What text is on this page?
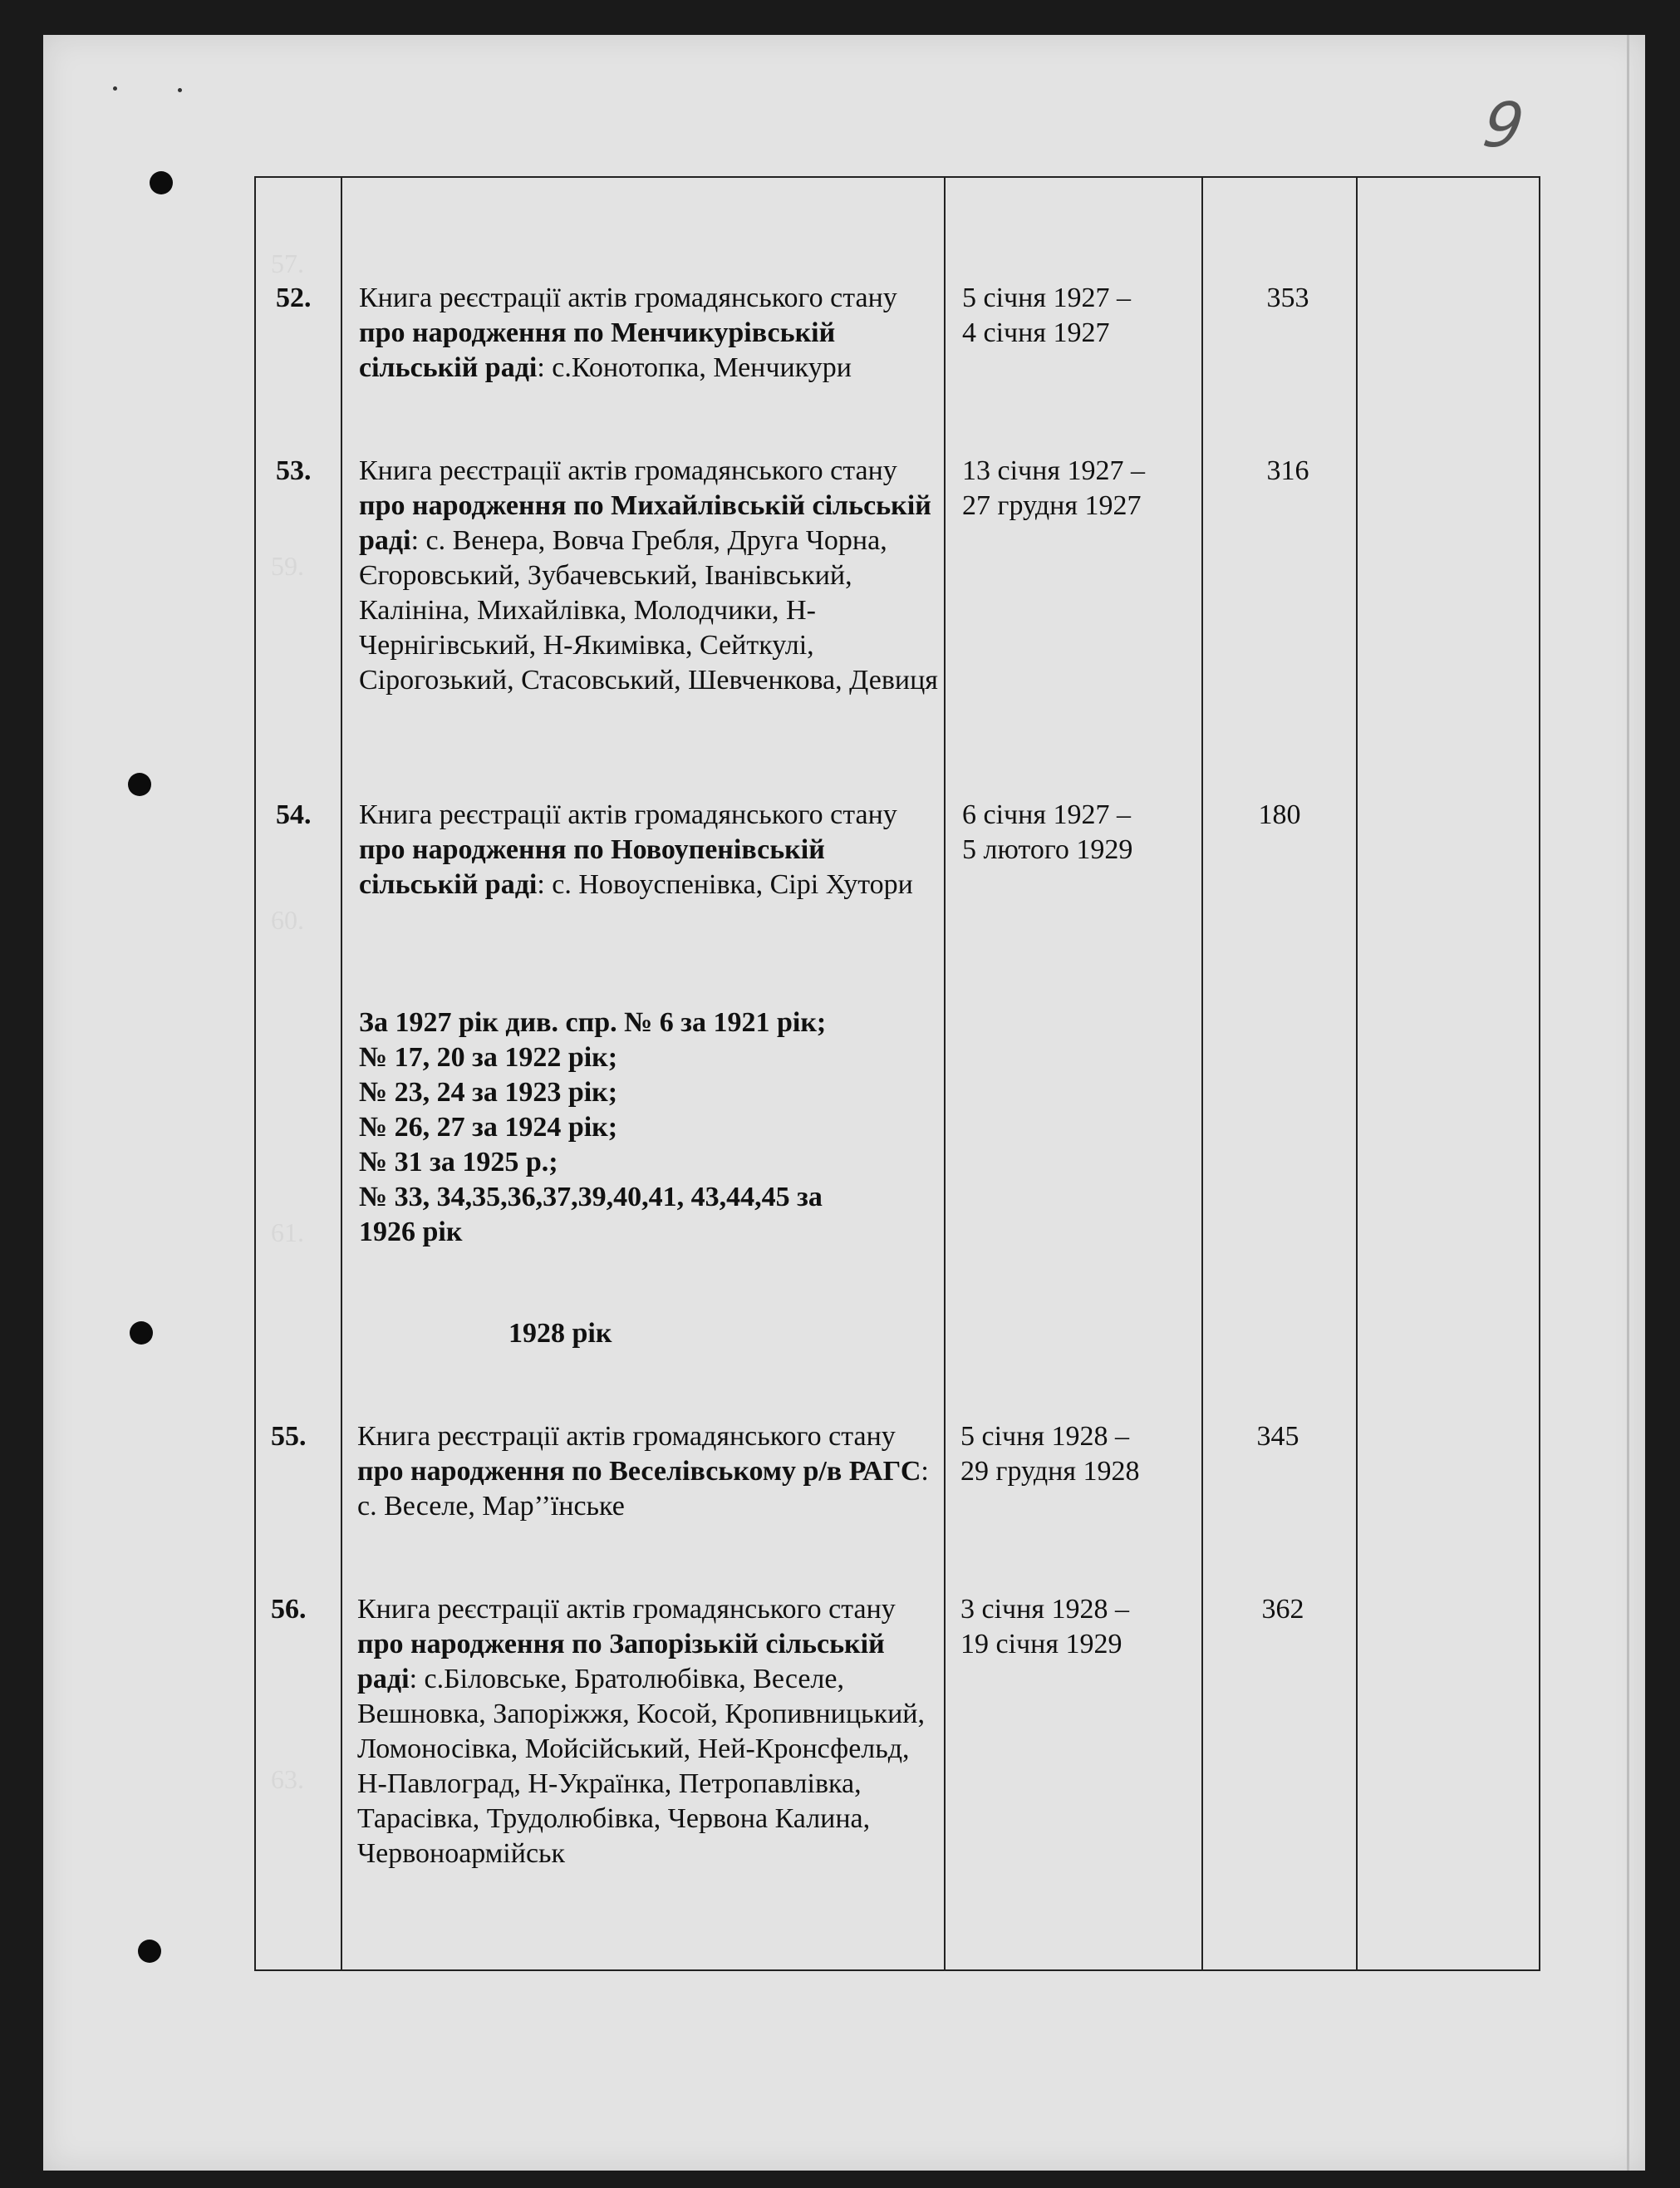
9
57.
59.
60.
61.
63.
52. Книга реєстрації актів громадянського стану про народження по Менчикурівській сільській раді: с.Конотопка, Менчикури
5 січня 1927 –
4 січня 1927
353
53. Книга реєстрації актів громадянського стану про народження по Михайлівській сільській раді: с. Венера, Вовча Гребля, Друга Чорна, Єгоровський, Зубачевський, Іванівський, Калініна, Михайлівка, Молодчики, Н-Чернігівський, Н-Якимівка, Сейткулі, Сірогозький, Стасовський, Шевченкова, Девиця
13 січня 1927 –
27 грудня 1927
316
54. Книга реєстрації актів громадянського стану про народження по Новоупенівській сільській раді: с. Новоуспенівка, Сірі Хутори
6 січня 1927 –
5 лютого 1929
180
За 1927 рік див. спр. № 6 за 1921 рік;
№ 17, 20 за 1922 рік;
№ 23, 24 за 1923 рік;
№ 26, 27 за 1924 рік;
№ 31 за 1925 р.;
№ 33, 34,35,36,37,39,40,41, 43,44,45 за
1926 рік
1928 рік
55. Книга реєстрації актів громадянського стану про народження по Веселівському р/в РАГС: с. Веселе, Мар’’їнське
5 січня 1928 –
29 грудня 1928
345
56. Книга реєстрації актів громадянського стану про народження по Запорізькій сільській раді: с.Біловське, Братолюбівка, Веселе, Вешновка, Запоріжжя, Косой, Кропивницький, Ломоносівка, Мойсійський, Ней-Кронсфельд, Н-Павлоград, Н-Українка, Петропавлівка, Тарасівка, Трудолюбівка, Червона Калина, Червоноармійськ
3 січня 1928 –
19 січня 1929
362
